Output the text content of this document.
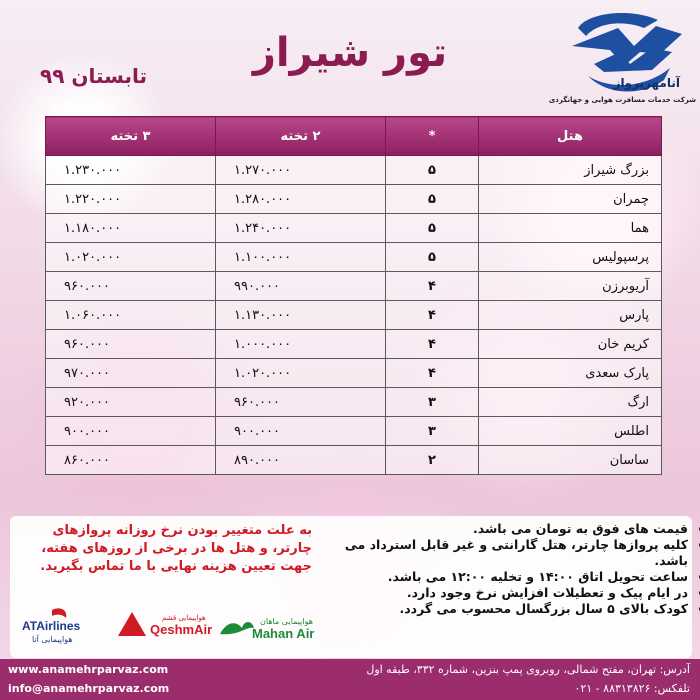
تور شیراز
تابستان ۹۹	آنامهرپرواز
شرکت خدمات مسافرت هوایی و جهانگردی
هتل	*	۲ تخته	۳ تخته
بزرگ شیراز	۵	۱.۲۷۰.۰۰۰	۱.۲۳۰.۰۰۰
چمران	۵	۱.۲۸۰.۰۰۰	۱.۲۲۰.۰۰۰
هما	۵	۱.۲۴۰.۰۰۰	۱.۱۸۰.۰۰۰
پرسپولیس	۵	۱.۱۰۰.۰۰۰	۱.۰۲۰.۰۰۰
آریوبرزن	۴	۹۹۰.۰۰۰	۹۶۰.۰۰۰
پارس	۴	۱.۱۳۰.۰۰۰	۱.۰۶۰.۰۰۰
کریم خان	۴	۱.۰۰۰.۰۰۰	۹۶۰.۰۰۰
پارک سعدی	۴	۱.۰۲۰.۰۰۰	۹۷۰.۰۰۰
ارگ	۳	۹۶۰.۰۰۰	۹۲۰.۰۰۰
اطلس	۳	۹۰۰.۰۰۰	۹۰۰.۰۰۰
ساسان	۲	۸۹۰.۰۰۰	۸۶۰.۰۰۰
• قیمت های فوق به تومان می باشد.
• کلیه پروازها چارتر، هتل گارانتی و غیر قابل استرداد می باشد.
• ساعت تحویل اتاق ۱۴:۰۰ و تخلیه ۱۲:۰۰ می باشد.
• در ایام پیک و تعطیلات افزایش نرخ وجود دارد.
• کودک بالای ۵ سال بزرگسال محسوب می گردد.
به علت متغییر بودن نرخ روزانه پروازهای چارتر، و هتل ها در برخی از روزهای هفته، جهت تعیین هزینه نهایی با ما تماس بگیرید.
ATAirlines
هواپیمایی آتا
هواپیمایی قشم
QeshmAir
هواپیمایی ماهان
Mahan Air
www.anamehrparvaz.com
info@anamehrparvaz.com
آدرس: تهران، مفتح شمالی، روبروی پمپ بنزین، شماره ۳۳۲، طبقه اول
تلفکس: ۸۸۳۱۳۸۲۶ - ۰۲۱
